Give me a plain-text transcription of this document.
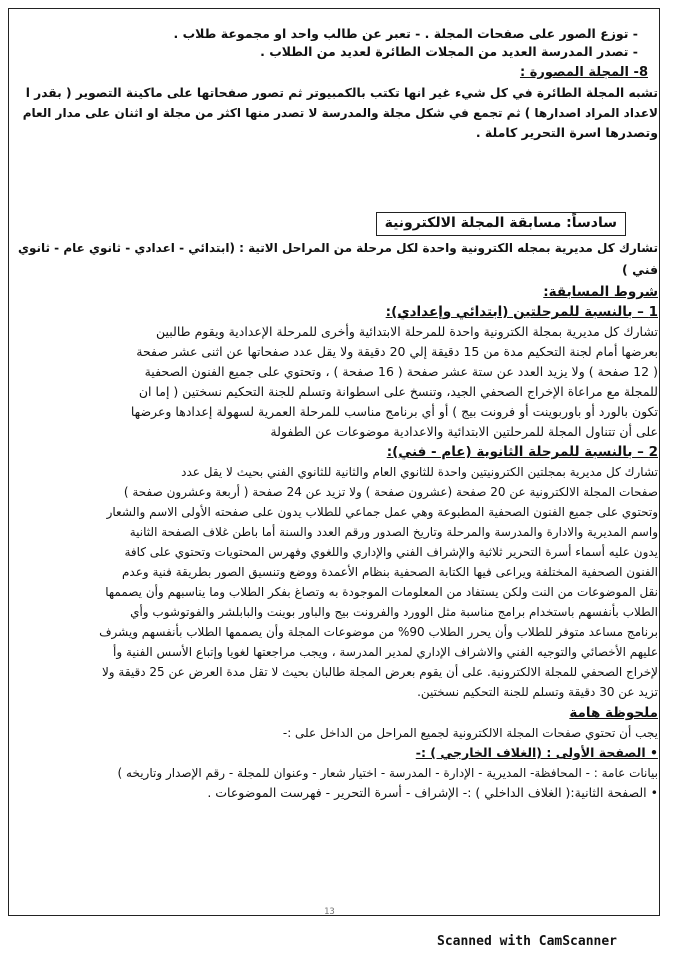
- توزع الصور على صفحات المجلة . - تعبر عن طالب واحد او مجموعة طلاب .
- تصدر المدرسة العديد من المجلات الطائرة لعديد من الطلاب .
8- المجلة المصورة :
تشبه المجلة الطائرة في كل شيء غير انها تكتب بالكمبيوتر ثم تصور صفحاتها على ماكينة التصوير ( بقدر ا
لاعداد المراد اصدارها ) ثم تجمع في شكل مجلة والمدرسة لا تصدر منها اكثر من مجلة او اثنان على مدار العام
وتصدرها اسرة التحرير كاملة .
سادساً: مسابقة المجلة الالكترونية
تشارك كل مديرية بمجله الكترونية واحدة لكل مرحلة من المراحل الاتية : (ابتدائي - اعدادي - ثانوي عام - ثانوي
فني )
شروط المسابقة:
1 – بالنسبة للمرحلتين (ابتدائي وإعدادي):
تشارك كل مديرية بمجلة الكترونية واحدة للمرحلة الابتدائية وأخرى للمرحلة الإعدادية ويقوم طالبين
بعرضها أمام لجنة التحكيم مدة من 15 دقيقة إلي 20 دقيقة ولا يقل عدد صفحاتها عن اثنى عشر صفحة
( 12 صفحة ) ولا يزيد العدد عن ستة عشر صفحة ( 16 صفحة ) ، وتحتوي على جميع الفنون الصحفية
للمجلة مع مراعاة الإخراج الصحفي الجيد، وتنسخ على اسطوانة وتسلم للجنة التحكيم نسختين ( إما ان
تكون بالورد أو باوربوينت أو فرونت بيج ) أو أي برنامج مناسب للمرحلة العمرية لسهولة إعدادها وعرضها
على أن تتناول المجلة للمرحلتين الابتدائية والاعدادية موضوعات عن الطفولة
2 – بالنسبة للمرحلة الثانوية (عام - فني):
تشارك كل مديرية بمجلتين الكترونيتين واحدة للثانوي العام والثانية للثانوي الفني بحيث لا يقل عدد
صفحات المجلة الالكترونية عن 20 صفحة (عشرون صفحة ) ولا تزيد عن 24 صفحة ( أربعة وعشرون صفحة )
وتحتوي على جميع الفنون الصحفية المطبوعة وهي عمل جماعي للطلاب يدون على صفحته الأولى الاسم والشعار
واسم المديرية والادارة والمدرسة والمرحلة وتاريخ الصدور ورقم العدد والسنة أما باطن غلاف الصفحة الثانية
يدون عليه أسماء أسرة التحرير ثلاثية والإشراف الفني والإداري واللغوي وفهرس المحتويات وتحتوي على كافة
الفنون الصحفية المختلفة ويراعى فيها الكتابة الصحفية بنظام الأعمدة ووضع وتنسيق الصور بطريقة فنية وعدم
نقل الموضوعات من النت ولكن يستفاد من المعلومات الموجودة به وتصاغ بفكر الطلاب وما يناسبهم وأن يصممها
الطلاب بأنفسهم باستخدام برامج مناسبة مثل الوورد والفرونت بيج والباور بوينت والبابلشر والفوتوشوب وأي
برنامج مساعد متوفر للطلاب وأن يحرر الطلاب 90% من موضوعات المجلة وأن يصممها الطلاب بأنفسهم ويشرف
عليهم الأخصائي والتوجيه الفني والاشراف الإداري لمدير المدرسة ، ويجب مراجعتها لغويا وإتباع الأسس الفنية وأ
لإخراج الصحفي للمجلة الالكترونية. على أن يقوم بعرض المجلة طالبان بحيث لا تقل مدة العرض عن 25 دقيقة ولا
تزيد عن 30 دقيقة وتسلم للجنة التحكيم نسختين.
ملحوظة هامة
يجب أن تحتوي صفحات المجلة الالكترونية لجميع المراحل من الداخل على :-
• الصفحة الأولى : (الغلاف الخارجي ) :-
بيانات عامة : - المحافظة- المديرية - الإدارة - المدرسة - اختيار شعار - وعنوان للمجلة - رقم الإصدار وتاريخه )
• الصفحة الثانية:( الغلاف الداخلي ) :- الإشراف - أسرة التحرير - فهرست الموضوعات .
13
Scanned with CamScanner
